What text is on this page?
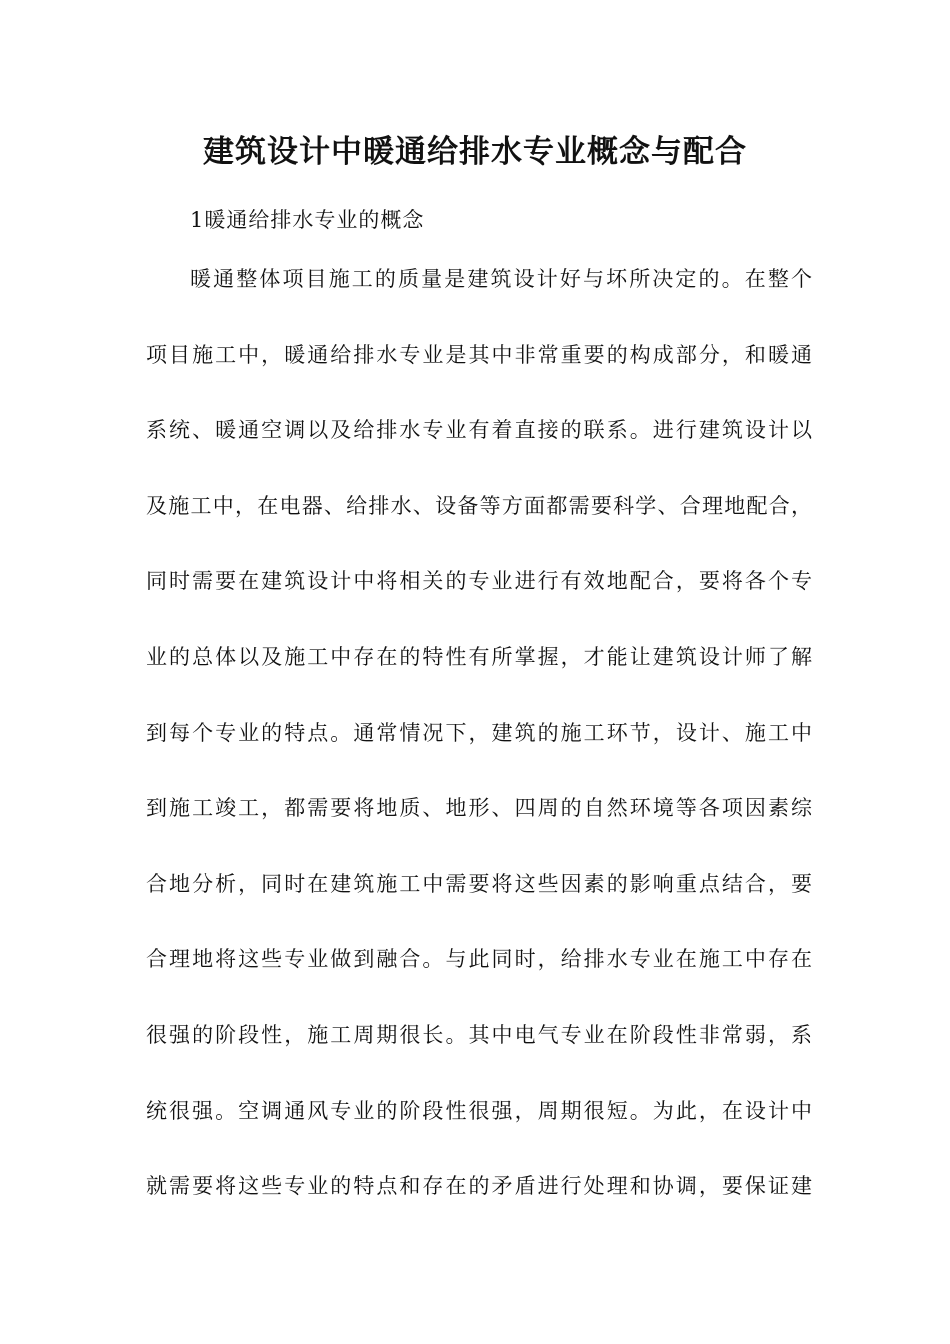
建筑设计中暖通给排水专业概念与配合

1暖通给排水专业的概念

暖通整体项目施工的质量是建筑设计好与坏所决定的。在整个
项目施工中，暖通给排水专业是其中非常重要的构成部分，和暖通
系统、暖通空调以及给排水专业有着直接的联系。进行建筑设计以
及施工中，在电器、给排水、设备等方面都需要科学、合理地配合，
同时需要在建筑设计中将相关的专业进行有效地配合，要将各个专
业的总体以及施工中存在的特性有所掌握，才能让建筑设计师了解
到每个专业的特点。通常情况下，建筑的施工环节，设计、施工中
到施工竣工，都需要将地质、地形、四周的自然环境等各项因素综
合地分析，同时在建筑施工中需要将这些因素的影响重点结合，要
合理地将这些专业做到融合。与此同时，给排水专业在施工中存在
很强的阶段性，施工周期很长。其中电气专业在阶段性非常弱，系
统很强。空调通风专业的阶段性很强，周期很短。为此，在设计中
就需要将这些专业的特点和存在的矛盾进行处理和协调，要保证建
